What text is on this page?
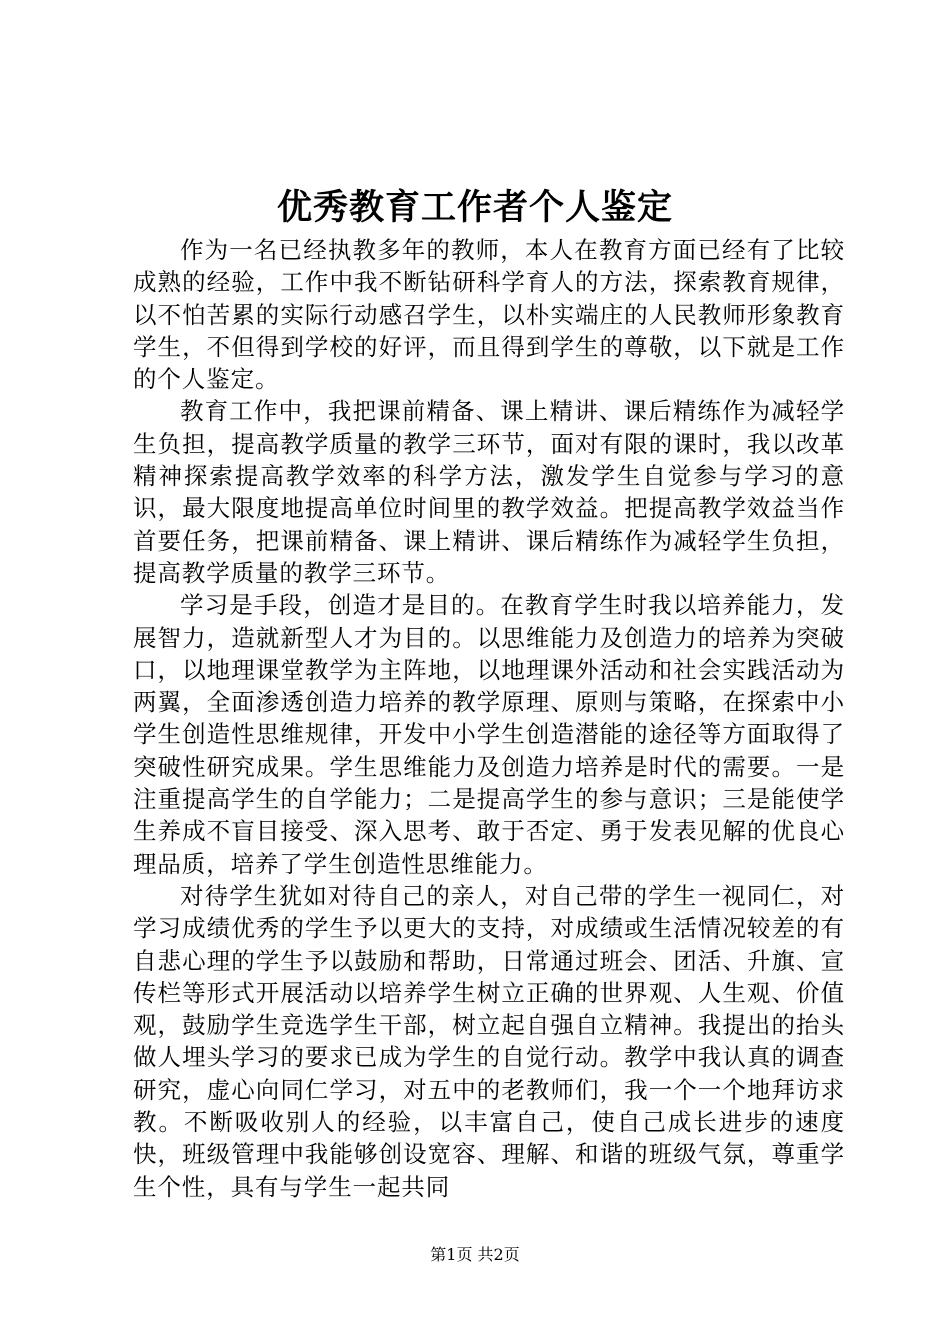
优秀教育工作者个人鉴定

作为一名已经执教多年的教师，本人在教育方面已经有了比较成熟的经验，工作中我不断钻研科学育人的方法，探索教育规律，以不怕苦累的实际行动感召学生，以朴实端庄的人民教师形象教育学生，不但得到学校的好评，而且得到学生的尊敬，以下就是工作的个人鉴定。

教育工作中，我把课前精备、课上精讲、课后精练作为减轻学生负担，提高教学质量的教学三环节，面对有限的课时，我以改革精神探索提高教学效率的科学方法，激发学生自觉参与学习的意识，最大限度地提高单位时间里的教学效益。把提高教学效益当作首要任务，把课前精备、课上精讲、课后精练作为减轻学生负担，提高教学质量的教学三环节。

学习是手段，创造才是目的。在教育学生时我以培养能力，发展智力，造就新型人才为目的。以思维能力及创造力的培养为突破口，以地理课堂教学为主阵地，以地理课外活动和社会实践活动为两翼，全面渗透创造力培养的教学原理、原则与策略，在探索中小学生创造性思维规律，开发中小学生创造潜能的途径等方面取得了突破性研究成果。学生思维能力及创造力培养是时代的需要。一是注重提高学生的自学能力；二是提高学生的参与意识；三是能使学生养成不盲目接受、深入思考、敢于否定、勇于发表见解的优良心理品质，培养了学生创造性思维能力。

对待学生犹如对待自己的亲人，对自己带的学生一视同仁，对学习成绩优秀的学生予以更大的支持，对成绩或生活情况较差的有自悲心理的学生予以鼓励和帮助，日常通过班会、团活、升旗、宣传栏等形式开展活动以培养学生树立正确的世界观、人生观、价值观，鼓励学生竞选学生干部，树立起自强自立精神。我提出的抬头做人埋头学习的要求已成为学生的自觉行动。教学中我认真的调查研究，虚心向同仁学习，对五中的老教师们，我一个一个地拜访求教。不断吸收别人的经验，以丰富自己，使自己成长进步的速度快，班级管理中我能够创设宽容、理解、和谐的班级气氛，尊重学生个性，具有与学生一起共同

第1页 共2页
